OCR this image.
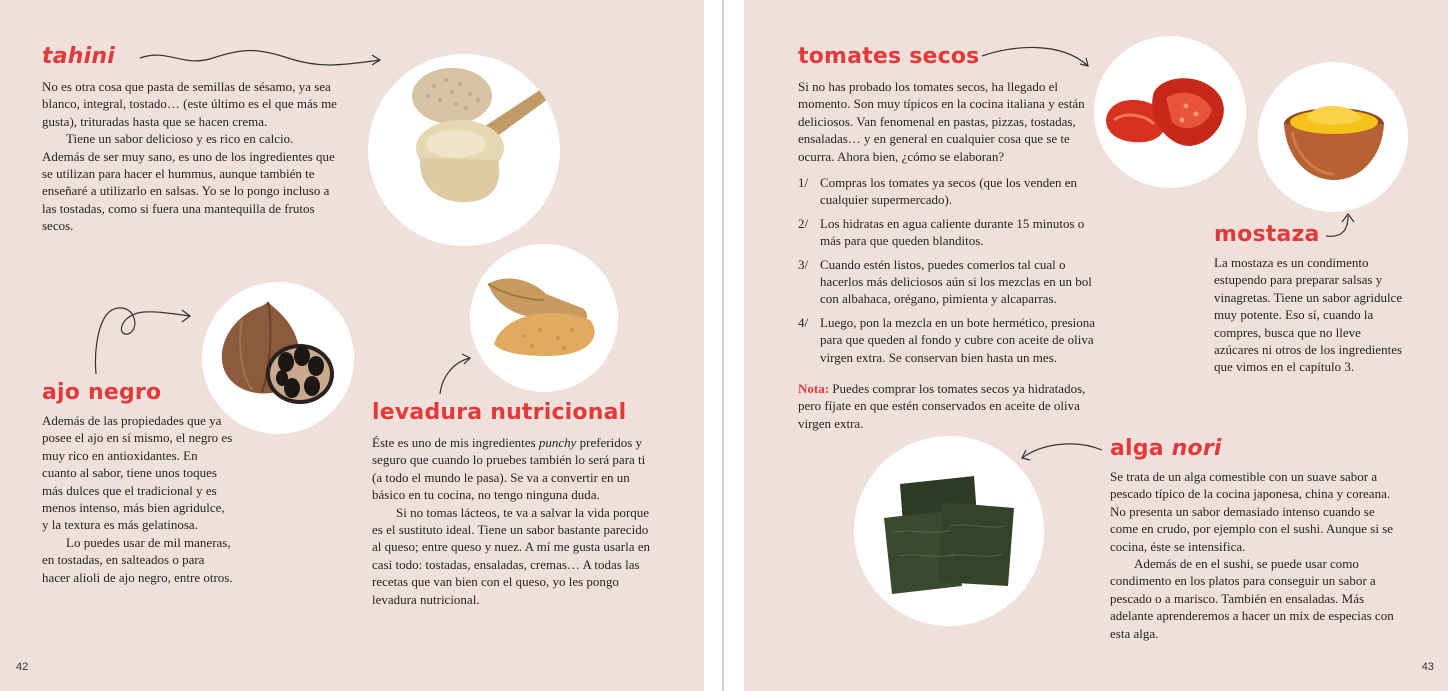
tahini

No es otra cosa que pasta de semillas de sésamo, ya sea blanco, integral, tostado… (este último es el que más me gusta), trituradas hasta que se hacen crema.

Tiene un sabor delicioso y es rico en calcio. Además de ser muy sano, es uno de los ingredientes que se utilizan para hacer el hummus, aunque también te enseñaré a utilizarlo en salsas. Yo se lo pongo incluso a las tostadas, como si fuera una mantequilla de frutos secos.

ajo negro

Además de las propiedades que ya posee el ajo en sí mismo, el negro es muy rico en antioxidantes. En cuanto al sabor, tiene unos toques más dulces que el tradicional y es menos intenso, más bien agridulce, y la textura es más gelatinosa.

Lo puedes usar de mil maneras, en tostadas, en salteados o para hacer alioli de ajo negro, entre otros.

levadura nutricional

Éste es uno de mis ingredientes punchy preferidos y seguro que cuando lo pruebes también lo será para ti (a todo el mundo le pasa). Se va a convertir en un básico en tu cocina, no tengo ninguna duda.

Si no tomas lácteos, te va a salvar la vida porque es el sustituto ideal. Tiene un sabor bastante parecido al queso; entre queso y nuez. A mí me gusta usarla en casi todo: tostadas, ensaladas, cremas… A todas las recetas que van bien con el queso, yo les pongo levadura nutricional.

42
tomates secos
Si no has probado los tomates secos, ha llegado el momento. Son muy típicos en la cocina italiana y están deliciosos. Van fenomenal en pastas, pizzas, tostadas, ensaladas… y en general en cualquier cosa que se te ocurra. Ahora bien, ¿cómo se elaboran?
1/ Compras los tomates ya secos (que los venden en cualquier supermercado).
2/ Los hidratas en agua caliente durante 15 minutos o más para que queden blanditos.
3/ Cuando estén listos, puedes comerlos tal cual o hacerlos más deliciosos aún si los mezclas en un bol con albahaca, orégano, pimienta y alcaparras.
4/ Luego, pon la mezcla en un bote hermético, presiona para que queden al fondo y cubre con aceite de oliva virgen extra. Se conservan bien hasta un mes.
Nota: Puedes comprar los tomates secos ya hidratados, pero fíjate en que estén conservados en aceite de oliva virgen extra.
mostaza
La mostaza es un condimento estupendo para preparar salsas y vinagretas. Tiene un sabor agridulce muy potente. Eso sí, cuando la compres, busca que no lleve azúcares ni otros de los ingredientes que vimos en el capítulo 3.
alga nori

Se trata de un alga comestible con un suave sabor a pescado típico de la cocina japonesa, china y coreana. No presenta un sabor demasiado intenso cuando se come en crudo, por ejemplo con el sushi. Aunque si se cocina, éste se intensifica.

Además de en el sushi, se puede usar como condimento en los platos para conseguir un sabor a pescado o a marisco. También en ensaladas. Más adelante aprenderemos a hacer un mix de especias con esta alga.

43
